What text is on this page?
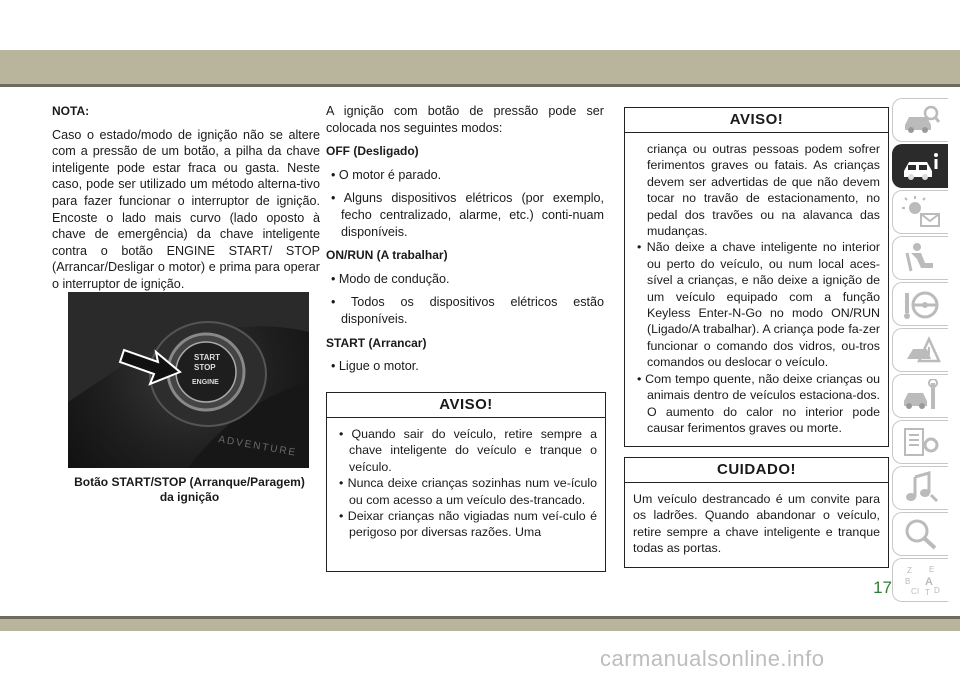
NOTA:

Caso o estado/modo de ignição não se altere com a pressão de um botão, a pilha da chave inteligente pode estar fraca ou gasta. Neste caso, pode ser utilizado um método alterna-tivo para fazer funcionar o interruptor de ignição. Encoste o lado mais curvo (lado oposto à chave de emergência) da chave inteligente contra o botão ENGINE START/ STOP (Arrancar/Desligar o motor) e prima para operar o interruptor de ignição.

START
STOP
ENGINE
ADVENTURE
Botão START/STOP (Arranque/Paragem)
da ignição

A ignição com botão de pressão pode ser colocada nos seguintes modos:

OFF (Desligado)

• O motor é parado.

• Alguns dispositivos elétricos (por exemplo, fecho centralizado, alarme, etc.) conti-nuam disponíveis.

ON/RUN (A trabalhar)

• Modo de condução.

• Todos os dispositivos elétricos estão disponíveis.

START (Arrancar)

• Ligue o motor.

AVISO!

• Quando sair do veículo, retire sempre a chave inteligente do veículo e tranque o veículo.

• Nunca deixe crianças sozinhas num ve-ículo ou com acesso a um veículo des-trancado.

• Deixar crianças não vigiadas num veí-culo é perigoso por diversas razões. Uma

AVISO!

criança ou outras pessoas podem sofrer ferimentos graves ou fatais. As crianças devem ser advertidas de que não devem tocar no travão de estacionamento, no pedal dos travões ou na alavanca das mudanças.

• Não deixe a chave inteligente no interior ou perto do veículo, ou num local aces-sível a crianças, e não deixe a ignição de um veículo equipado com a função Keyless Enter-N-Go no modo ON/RUN (Ligado/A trabalhar). A criança pode fa-zer funcionar o comando dos vidros, ou-tros comandos ou deslocar o veículo.

• Com tempo quente, não deixe crianças ou animais dentro de veículos estaciona-dos. O aumento do calor no interior pode causar ferimentos graves ou morte.

CUIDADO!

Um veículo destrancado é um convite para os ladrões. Quando abandonar o veículo, retire sempre a chave inteligente e tranque todas as portas.

Z E
B A
C D
I T
17
carmanualsonline.info
